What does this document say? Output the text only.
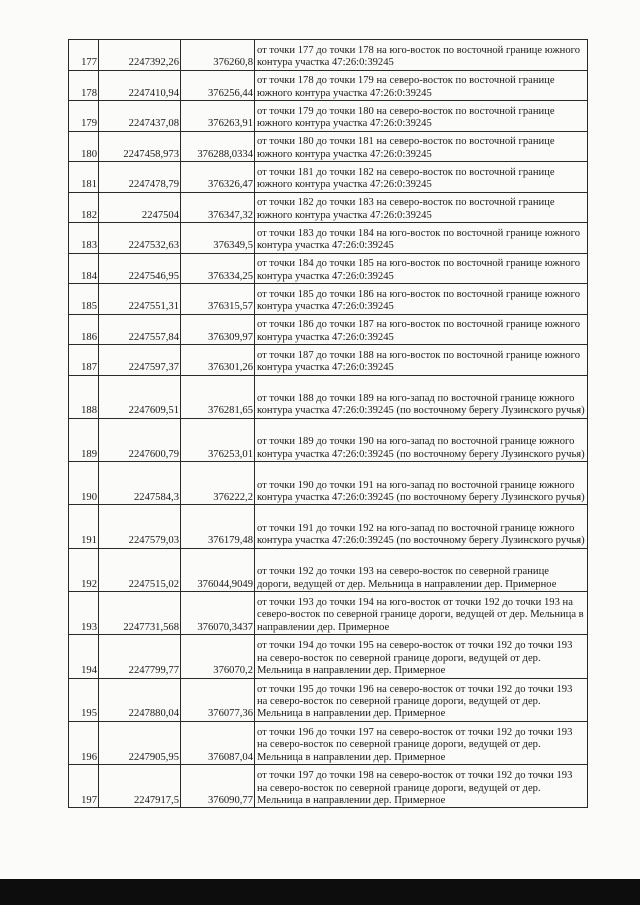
177	2247392,26	376260,8	от точки 177 до точки 178 на юго-восток по восточной границе южного контура участка 47:26:0:39245
178	2247410,94	376256,44	от точки 178 до точки 179 на северо-восток по восточной границе южного контура участка 47:26:0:39245
179	2247437,08	376263,91	от точки 179 до точки 180 на северо-восток по восточной границе южного контура участка 47:26:0:39245
180	2247458,973	376288,0334	от точки 180 до точки 181 на северо-восток по восточной границе южного контура участка 47:26:0:39245
181	2247478,79	376326,47	от точки 181 до точки 182 на северо-восток по восточной границе южного контура участка 47:26:0:39245
182	2247504	376347,32	от точки 182 до точки 183 на северо-восток по восточной границе южного контура участка 47:26:0:39245
183	2247532,63	376349,5	от точки 183 до точки 184 на юго-восток по восточной границе южного контура участка 47:26:0:39245
184	2247546,95	376334,25	от точки 184 до точки 185 на юго-восток по восточной границе южного контура участка 47:26:0:39245
185	2247551,31	376315,57	от точки 185 до точки 186 на юго-восток по восточной границе южного контура участка 47:26:0:39245
186	2247557,84	376309,97	от точки 186 до точки 187 на юго-восток по восточной границе южного контура участка 47:26:0:39245
187	2247597,37	376301,26	от точки 187 до точки 188 на юго-восток по восточной границе южного контура участка 47:26:0:39245
188	2247609,51	376281,65	от точки 188 до точки 189 на юго-запад по восточной границе южного контура участка 47:26:0:39245 (по восточному берегу Лузинского ручья)
189	2247600,79	376253,01	от точки 189 до точки 190 на юго-запад по восточной границе южного контура участка 47:26:0:39245 (по восточному берегу Лузинского ручья)
190	2247584,3	376222,2	от точки 190 до точки 191 на юго-запад по восточной границе южного контура участка 47:26:0:39245 (по восточному берегу Лузинского ручья)
191	2247579,03	376179,48	от точки 191 до точки 192 на юго-запад по восточной границе южного контура участка 47:26:0:39245 (по восточному берегу Лузинского ручья)
192	2247515,02	376044,9049	от точки 192 до точки 193 на северо-восток по северной границе дороги, ведущей от дер. Мельница в направлении дер. Примерное
193	2247731,568	376070,3437	от точки 193 до точки 194 на юго-восток от точки 192 до точки 193 на северо-восток по северной границе дороги, ведущей от дер. Мельница в направлении дер. Примерное
194	2247799,77	376070,2	от точки 194 до точки 195 на северо-восток от точки 192 до точки 193 на северо-восток по северной границе дороги, ведущей от дер. Мельница в направлении дер. Примерное
195	2247880,04	376077,36	от точки 195 до точки 196 на северо-восток от точки 192 до точки 193 на северо-восток по северной границе дороги, ведущей от дер. Мельница в направлении дер. Примерное
196	2247905,95	376087,04	от точки 196 до точки 197 на северо-восток от точки 192 до точки 193 на северо-восток по северной границе дороги, ведущей от дер. Мельница в направлении дер. Примерное
197	2247917,5	376090,77	от точки 197 до точки 198 на северо-восток от точки 192 до точки 193 на северо-восток по северной границе дороги, ведущей от дер. Мельница в направлении дер. Примерное
